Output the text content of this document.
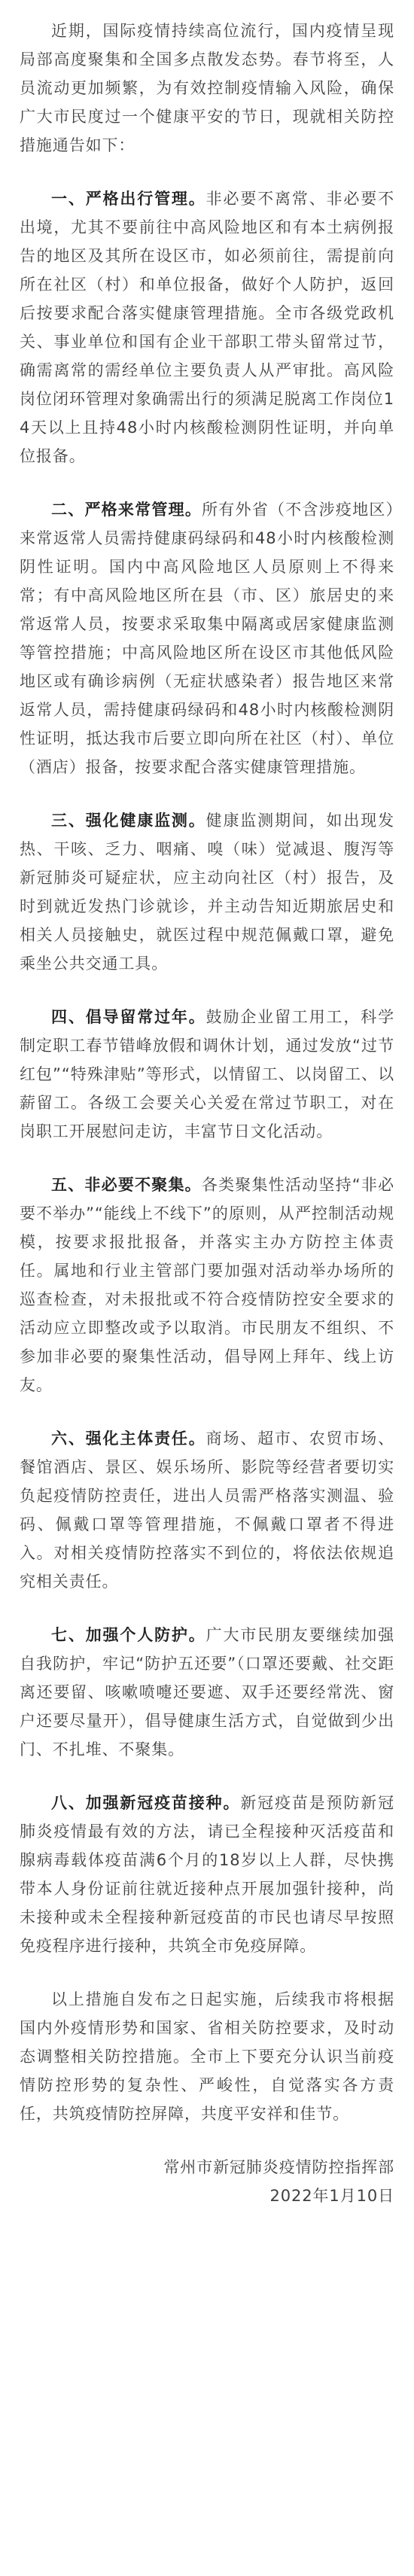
近期，国际疫情持续高位流行，国内疫情呈现局部高度聚集和全国多点散发态势。春节将至，人员流动更加频繁，为有效控制疫情输入风险，确保广大市民度过一个健康平安的节日，现就相关防控措施通告如下：

一、严格出行管理。非必要不离常、非必要不出境，尤其不要前往中高风险地区和有本土病例报告的地区及其所在设区市，如必须前往，需提前向所在社区（村）和单位报备，做好个人防护，返回后按要求配合落实健康管理措施。全市各级党政机关、事业单位和国有企业干部职工带头留常过节，确需离常的需经单位主要负责人从严审批。高风险岗位闭环管理对象确需出行的须满足脱离工作岗位14天以上且持48小时内核酸检测阴性证明，并向单位报备。

二、严格来常管理。所有外省（不含涉疫地区）来常返常人员需持健康码绿码和48小时内核酸检测阴性证明。国内中高风险地区人员原则上不得来常；有中高风险地区所在县（市、区）旅居史的来常返常人员，按要求采取集中隔离或居家健康监测等管控措施；中高风险地区所在设区市其他低风险地区或有确诊病例（无症状感染者）报告地区来常返常人员，需持健康码绿码和48小时内核酸检测阴性证明，抵达我市后要立即向所在社区（村）、单位（酒店）报备，按要求配合落实健康管理措施。

三、强化健康监测。健康监测期间，如出现发热、干咳、乏力、咽痛、嗅（味）觉减退、腹泻等新冠肺炎可疑症状，应主动向社区（村）报告，及时到就近发热门诊就诊，并主动告知近期旅居史和相关人员接触史，就医过程中规范佩戴口罩，避免乘坐公共交通工具。

四、倡导留常过年。鼓励企业留工用工，科学制定职工春节错峰放假和调休计划，通过发放“过节红包”“特殊津贴”等形式，以情留工、以岗留工、以薪留工。各级工会要关心关爱在常过节职工，对在岗职工开展慰问走访，丰富节日文化活动。

五、非必要不聚集。各类聚集性活动坚持“非必要不举办”“能线上不线下”的原则，从严控制活动规模，按要求报批报备，并落实主办方防控主体责任。属地和行业主管部门要加强对活动举办场所的巡查检查，对未报批或不符合疫情防控安全要求的活动应立即整改或予以取消。市民朋友不组织、不参加非必要的聚集性活动，倡导网上拜年、线上访友。

六、强化主体责任。商场、超市、农贸市场、餐馆酒店、景区、娱乐场所、影院等经营者要切实负起疫情防控责任，进出人员需严格落实测温、验码、佩戴口罩等管理措施，不佩戴口罩者不得进入。对相关疫情防控落实不到位的，将依法依规追究相关责任。

七、加强个人防护。广大市民朋友要继续加强自我防护，牢记“防护五还要”（口罩还要戴、社交距离还要留、咳嗽喷嚏还要遮、双手还要经常洗、窗户还要尽量开），倡导健康生活方式，自觉做到少出门、不扎堆、不聚集。

八、加强新冠疫苗接种。新冠疫苗是预防新冠肺炎疫情最有效的方法，请已全程接种灭活疫苗和腺病毒载体疫苗满6个月的18岁以上人群，尽快携带本人身份证前往就近接种点开展加强针接种，尚未接种或未全程接种新冠疫苗的市民也请尽早按照免疫程序进行接种，共筑全市免疫屏障。

以上措施自发布之日起实施，后续我市将根据国内外疫情形势和国家、省相关防控要求，及时动态调整相关防控措施。全市上下要充分认识当前疫情防控形势的复杂性、严峻性，自觉落实各方责任，共筑疫情防控屏障，共度平安祥和佳节。

常州市新冠肺炎疫情防控指挥部
2022年1月10日
